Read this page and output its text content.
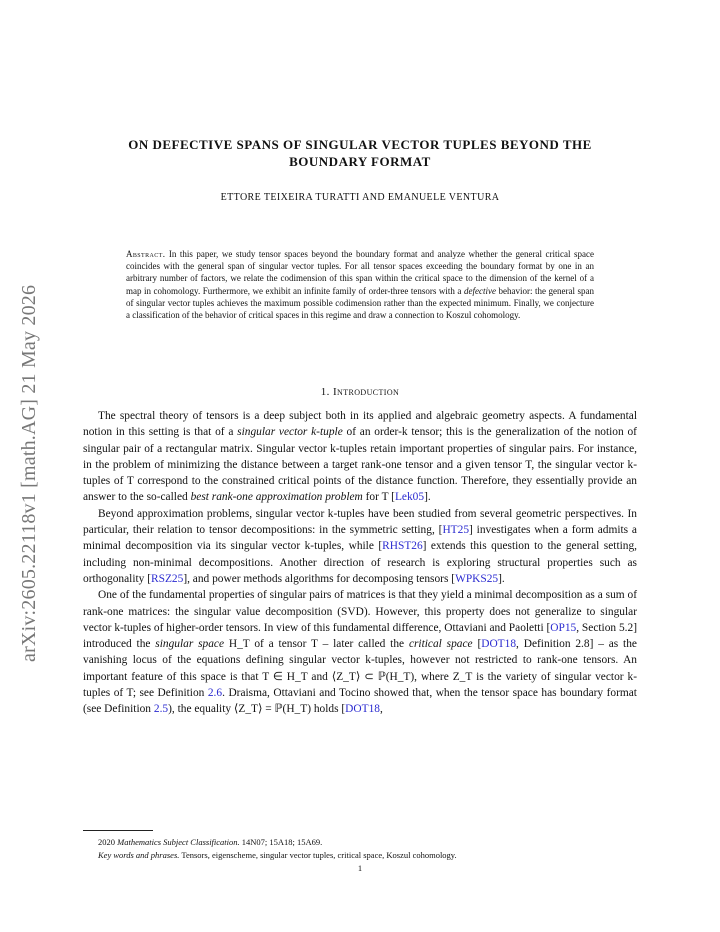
arXiv:2605.22118v1 [math.AG] 21 May 2026
ON DEFECTIVE SPANS OF SINGULAR VECTOR TUPLES BEYOND THE BOUNDARY FORMAT
ETTORE TEIXEIRA TURATTI AND EMANUELE VENTURA
Abstract. In this paper, we study tensor spaces beyond the boundary format and analyze whether the general critical space coincides with the general span of singular vector tuples. For all tensor spaces exceeding the boundary format by one in an arbitrary number of factors, we relate the codimension of this span within the critical space to the dimension of the kernel of a map in cohomology. Furthermore, we exhibit an infinite family of order-three tensors with a defective behavior: the general span of singular vector tuples achieves the maximum possible codimension rather than the expected minimum. Finally, we conjecture a classification of the behavior of critical spaces in this regime and draw a connection to Koszul cohomology.
1. Introduction

The spectral theory of tensors is a deep subject both in its applied and algebraic geometry aspects. A fundamental notion in this setting is that of a singular vector k-tuple of an order-k tensor; this is the generalization of the notion of singular pair of a rectangular matrix. Singular vector k-tuples retain important properties of singular pairs. For instance, in the problem of minimizing the distance between a target rank-one tensor and a given tensor T, the singular vector k-tuples of T correspond to the constrained critical points of the distance function. Therefore, they essentially provide an answer to the so-called best rank-one approximation problem for T [Lek05].

Beyond approximation problems, singular vector k-tuples have been studied from several geometric perspectives. In particular, their relation to tensor decompositions: in the symmetric setting, [HT25] investigates when a form admits a minimal decomposition via its singular vector k-tuples, while [RHST26] extends this question to the general setting, including non-minimal decompositions. Another direction of research is exploring structural properties such as orthogonality [RSZ25], and power methods algorithms for decomposing tensors [WPKS25].

One of the fundamental properties of singular pairs of matrices is that they yield a minimal decomposition as a sum of rank-one matrices: the singular value decomposition (SVD). However, this property does not generalize to singular vector k-tuples of higher-order tensors. In view of this fundamental difference, Ottaviani and Paoletti [OP15, Section 5.2] introduced the singular space H_T of a tensor T – later called the critical space [DOT18, Definition 2.8] – as the vanishing locus of the equations defining singular vector k-tuples, however not restricted to rank-one tensors. An important feature of this space is that T ∈ H_T and ⟨Z_T⟩ ⊂ ℙ(H_T), where Z_T is the variety of singular vector k-tuples of T; see Definition 2.6. Draisma, Ottaviani and Tocino showed that, when the tensor space has boundary format (see Definition 2.5), the equality ⟨Z_T⟩ = ℙ(H_T) holds [DOT18,

2020 Mathematics Subject Classification. 14N07; 15A18; 15A69.
Key words and phrases. Tensors, eigenscheme, singular vector tuples, critical space, Koszul cohomology.
1
